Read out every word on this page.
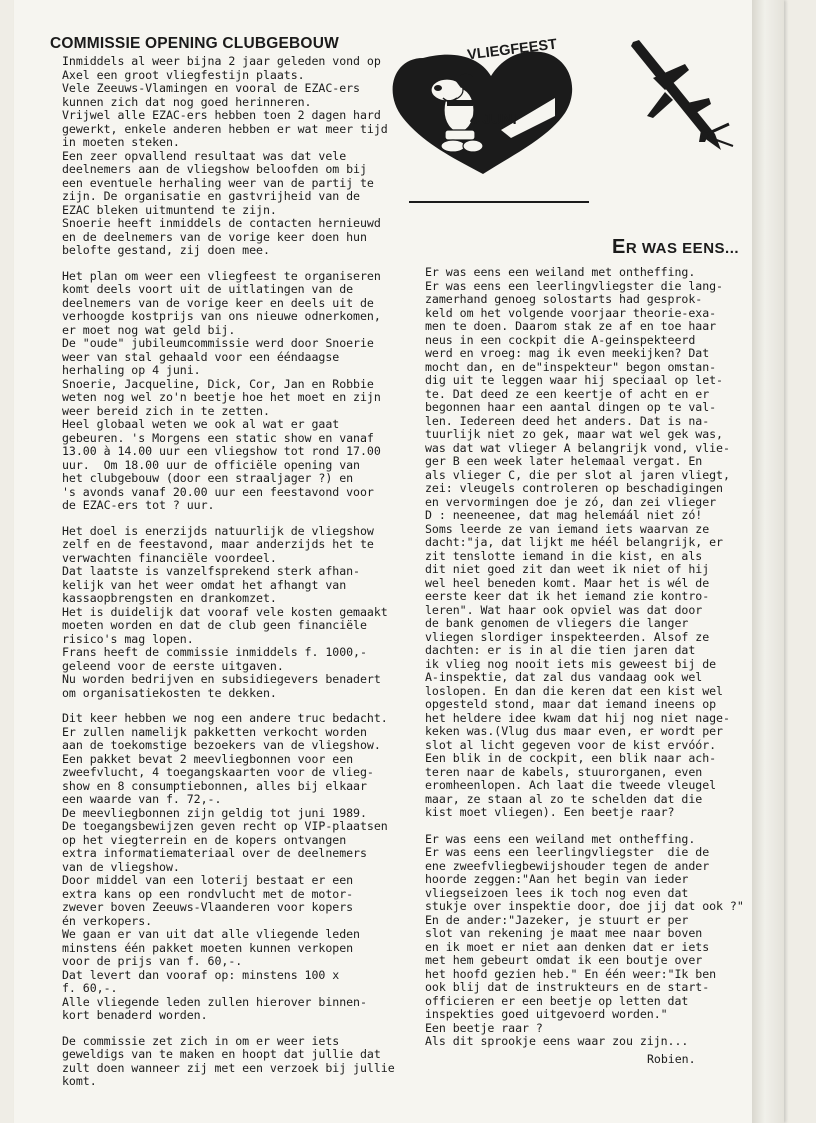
COMMISSIE OPENING CLUBGEBOUW
Inmiddels al weer bijna 2 jaar geleden vond op
Axel een groot vliegfestijn plaats.
Vele Zeeuws-Vlamingen en vooral de EZAC-ers
kunnen zich dat nog goed herinneren.
Vrijwel alle EZAC-ers hebben toen 2 dagen hard
gewerkt, enkele anderen hebben er wat meer tijd
in moeten steken.
Een zeer opvallend resultaat was dat vele
deelnemers aan de vliegshow beloofden om bij
een eventuele herhaling weer van de partij te
zijn. De organisatie en gastvrijheid van de
EZAC bleken uitmuntend te zijn.
Snoerie heeft inmiddels de contacten hernieuwd
en de deelnemers van de vorige keer doen hun
belofte gestand, zij doen mee.
Het plan om weer een vliegfeest te organiseren
komt deels voort uit de uitlatingen van de
deelnemers van de vorige keer en deels uit de
verhoogde kostprijs van ons nieuwe odnerkomen,
er moet nog wat geld bij.
De "oude" jubileumcommissie werd door Snoerie
weer van stal gehaald voor een ééndaagse
herhaling op 4 juni.
Snoerie, Jacqueline, Dick, Cor, Jan en Robbie
weten nog wel zo'n beetje hoe het moet en zijn
weer bereid zich in te zetten.
Heel globaal weten we ook al wat er gaat
gebeuren. 's Morgens een static show en vanaf
13.00 à 14.00 uur een vliegshow tot rond 17.00
uur.  Om 18.00 uur de officiële opening van
het clubgebouw (door een straaljager ?) en
's avonds vanaf 20.00 uur een feestavond voor
de EZAC-ers tot ? uur.
Het doel is enerzijds natuurlijk de vliegshow
zelf en de feestavond, maar anderzijds het te
verwachten financiële voordeel.
Dat laatste is vanzelfsprekend sterk afhan-
kelijk van het weer omdat het afhangt van
kassaopbrengsten en drankomzet.
Het is duidelijk dat vooraf vele kosten gemaakt
moeten worden en dat de club geen financiële
risico's mag lopen.
Frans heeft de commissie inmiddels f. 1000,-
geleend voor de eerste uitgaven.
Nu worden bedrijven en subsidiegevers benadert
om organisatiekosten te dekken.
Dit keer hebben we nog een andere truc bedacht.
Er zullen namelijk pakketten verkocht worden
aan de toekomstige bezoekers van de vliegshow.
Een pakket bevat 2 meevliegbonnen voor een
zweefvlucht, 4 toegangskaarten voor de vlieg-
show en 8 consumptiebonnen, alles bij elkaar
een waarde van f. 72,-.
De meevliegbonnen zijn geldig tot juni 1989.
De toegangsbewijzen geven recht op VIP-plaatsen
op het viegterrein en de kopers ontvangen
extra informatiemateriaal over de deelnemers
van de vliegshow.
Door middel van een loterij bestaat er een
extra kans op een rondvlucht met de motor-
zwever boven Zeeuws-Vlaanderen voor kopers
én verkopers.
We gaan er van uit dat alle vliegende leden
minstens één pakket moeten kunnen verkopen
voor de prijs van f. 60,-.
Dat levert dan vooraf op: minstens 100 x
f. 60,-.
Alle vliegende leden zullen hierover binnen-
kort benaderd worden.
De commissie zet zich in om er weer iets
geweldigs van te maken en hoopt dat jullie dat
zult doen wanneer zij met een verzoek bij jullie
komt.
VLIEGFEEST
4 JUNI
ER WAS EENS...
Er was eens een weiland met ontheffing.
Er was eens een leerlingvliegster die lang-
zamerhand genoeg solostarts had gesprok-
keld om het volgende voorjaar theorie-exa-
men te doen. Daarom stak ze af en toe haar
neus in een cockpit die A-geinspekteerd
werd en vroeg: mag ik even meekijken? Dat
mocht dan, en de"inspekteur" begon omstan-
dig uit te leggen waar hij speciaal op let-
te. Dat deed ze een keertje of acht en er
begonnen haar een aantal dingen op te val-
len. Iedereen deed het anders. Dat is na-
tuurlijk niet zo gek, maar wat wel gek was,
was dat wat vlieger A belangrijk vond, vlie-
ger B een week later helemaal vergat. En
als vlieger C, die per slot al jaren vliegt,
zei: vleugels controleren op beschadigingen
en vervormingen doe je zó, dan zei vlieger
D : neeneenee, dat mag helemáál niet zó!
Soms leerde ze van iemand iets waarvan ze
dacht:"ja, dat lijkt me héél belangrijk, er
zit tenslotte iemand in die kist, en als
dit niet goed zit dan weet ik niet of hij
wel heel beneden komt. Maar het is wél de
eerste keer dat ik het iemand zie kontro-
leren". Wat haar ook opviel was dat door
de bank genomen de vliegers die langer
vliegen slordiger inspekteerden. Alsof ze
dachten: er is in al die tien jaren dat
ik vlieg nog nooit iets mis geweest bij de
A-inspektie, dat zal dus vandaag ook wel
loslopen. En dan die keren dat een kist wel
opgesteld stond, maar dat iemand ineens op
het heldere idee kwam dat hij nog niet nage-
keken was.(Vlug dus maar even, er wordt per
slot al licht gegeven voor de kist ervóór.
Een blik in de cockpit, een blik naar ach-
teren naar de kabels, stuurorganen, even
eromheenlopen. Ach laat die tweede vleugel
maar, ze staan al zo te schelden dat die
kist moet vliegen). Een beetje raar?
Er was eens een weiland met ontheffing.
Er was eens een leerlingvliegster  die de
ene zweefvliegbewijshouder tegen de ander
hoorde zeggen:"Aan het begin van ieder
vliegseizoen lees ik toch nog even dat
stukje over inspektie door, doe jij dat ook ?"
En de ander:"Jazeker, je stuurt er per
slot van rekening je maat mee naar boven
en ik moet er niet aan denken dat er iets
met hem gebeurt omdat ik een boutje over
het hoofd gezien heb." En één weer:"Ik ben
ook blij dat de instrukteurs en de start-
officieren er een beetje op letten dat
inspekties goed uitgevoerd worden."
Een beetje raar ?
Als dit sprookje eens waar zou zijn...
Robien.
